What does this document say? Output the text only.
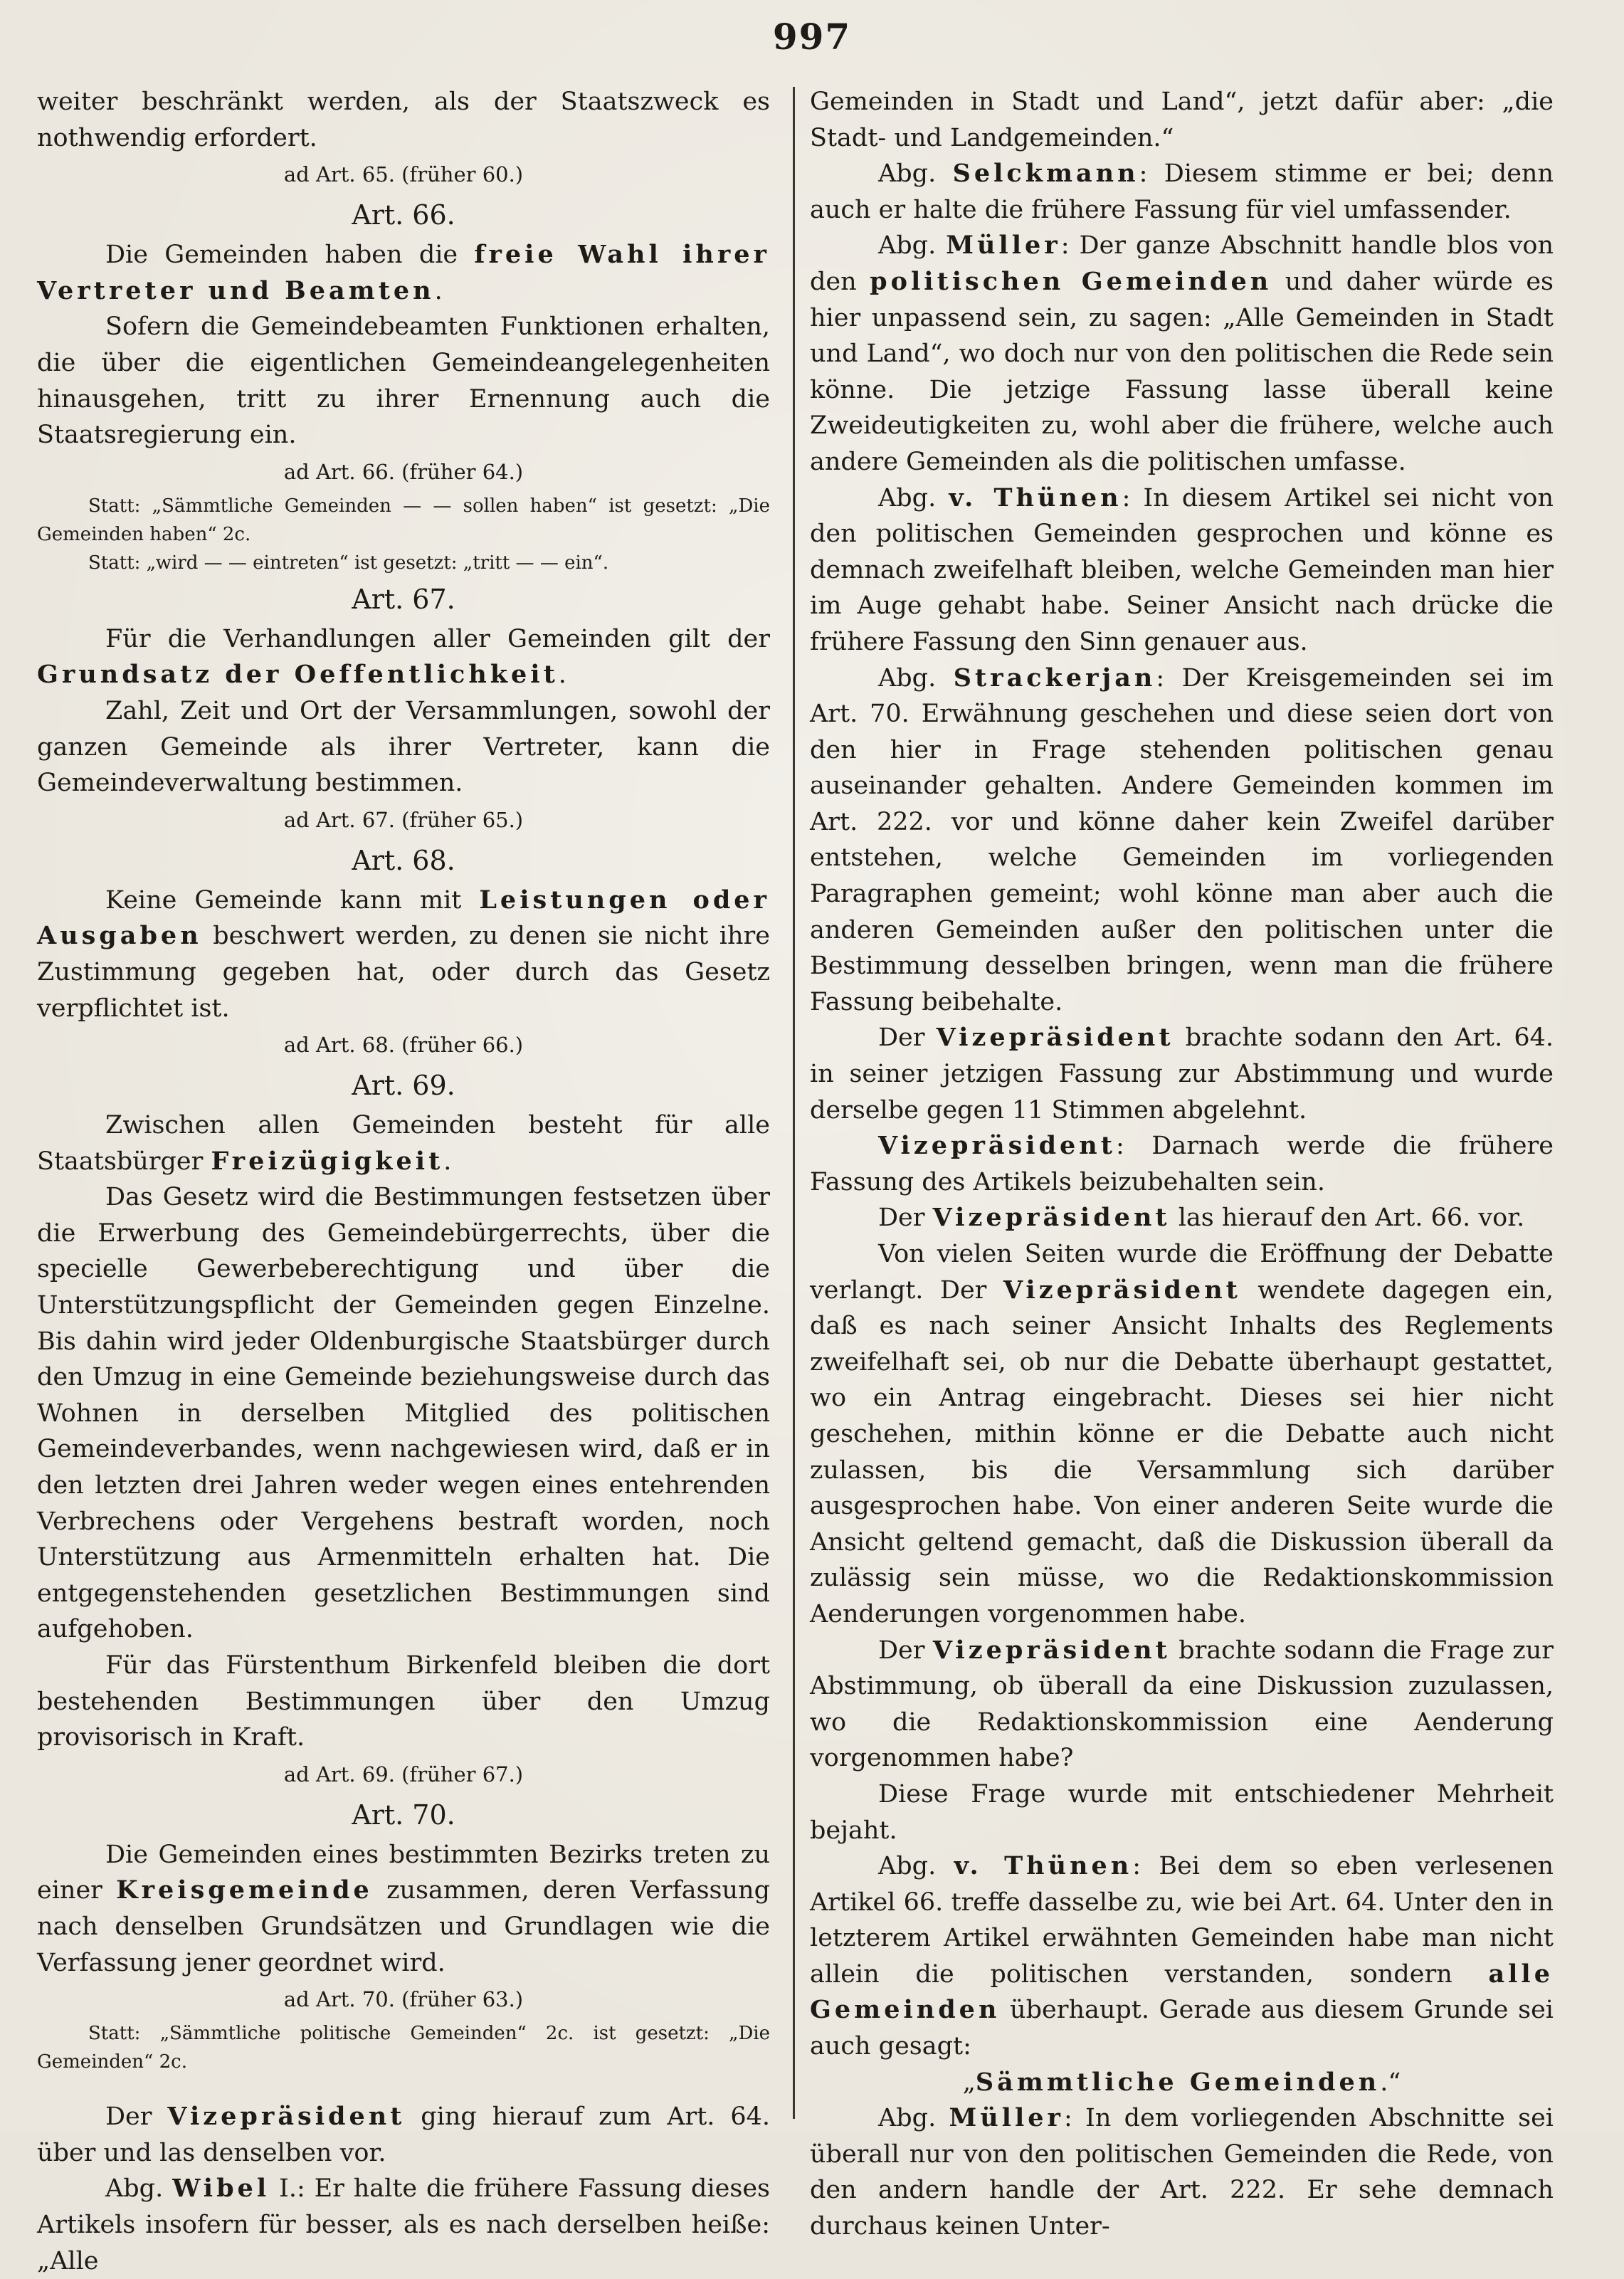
997

weiter beschränkt werden, als der Staatszweck es nothwendig erfordert.

ad Art. 65. (früher 60.)
Art. 66.

Die Gemeinden haben die freie Wahl ihrer Vertreter und Beamten.

Sofern die Gemeindebeamten Funktionen erhalten, die über die eigentlichen Gemeindeangelegenheiten hinausgehen, tritt zu ihrer Ernennung auch die Staatsregierung ein.

ad Art. 66. (früher 64.)

Statt: „Sämmtliche Gemeinden — — sollen haben“ ist gesetzt: „Die Gemeinden haben“ 2c.

Statt: „wird — — eintreten“ ist gesetzt: „tritt — — ein“.

Art. 67.

Für die Verhandlungen aller Gemeinden gilt der Grundsatz der Oeffentlichkeit.

Zahl, Zeit und Ort der Versammlungen, sowohl der ganzen Gemeinde als ihrer Vertreter, kann die Gemeindeverwaltung bestimmen.

ad Art. 67. (früher 65.)
Art. 68.

Keine Gemeinde kann mit Leistungen oder Ausgaben beschwert werden, zu denen sie nicht ihre Zustimmung gegeben hat, oder durch das Gesetz verpflichtet ist.

ad Art. 68. (früher 66.)
Art. 69.

Zwischen allen Gemeinden besteht für alle Staatsbürger Freizügigkeit.

Das Gesetz wird die Bestimmungen festsetzen über die Erwerbung des Gemeindebürgerrechts, über die specielle Gewerbeberechtigung und über die Unterstützungspflicht der Gemeinden gegen Einzelne. Bis dahin wird jeder Oldenburgische Staatsbürger durch den Umzug in eine Gemeinde beziehungsweise durch das Wohnen in derselben Mitglied des politischen Gemeindeverbandes, wenn nachgewiesen wird, daß er in den letzten drei Jahren weder wegen eines entehrenden Verbrechens oder Vergehens bestraft worden, noch Unterstützung aus Armenmitteln erhalten hat. Die entgegenstehenden gesetzlichen Bestimmungen sind aufgehoben.

Für das Fürstenthum Birkenfeld bleiben die dort bestehenden Bestimmungen über den Umzug provisorisch in Kraft.

ad Art. 69. (früher 67.)
Art. 70.

Die Gemeinden eines bestimmten Bezirks treten zu einer Kreisgemeinde zusammen, deren Verfassung nach denselben Grundsätzen und Grundlagen wie die Verfassung jener geordnet wird.

ad Art. 70. (früher 63.)

Statt: „Sämmtliche politische Gemeinden“ 2c. ist gesetzt: „Die Gemeinden“ 2c.

Der Vizepräsident ging hierauf zum Art. 64. über und las denselben vor.

Abg. Wibel I.: Er halte die frühere Fassung dieses Artikels insofern für besser, als es nach derselben heiße: „Alle

Gemeinden in Stadt und Land“, jetzt dafür aber: „die Stadt- und Landgemeinden.“

Abg. Selckmann: Diesem stimme er bei; denn auch er halte die frühere Fassung für viel umfassender.

Abg. Müller: Der ganze Abschnitt handle blos von den politischen Gemeinden und daher würde es hier unpassend sein, zu sagen: „Alle Gemeinden in Stadt und Land“, wo doch nur von den politischen die Rede sein könne. Die jetzige Fassung lasse überall keine Zweideutigkeiten zu, wohl aber die frühere, welche auch andere Gemeinden als die politischen umfasse.

Abg. v. Thünen: In diesem Artikel sei nicht von den politischen Gemeinden gesprochen und könne es demnach zweifelhaft bleiben, welche Gemeinden man hier im Auge gehabt habe. Seiner Ansicht nach drücke die frühere Fassung den Sinn genauer aus.

Abg. Strackerjan: Der Kreisgemeinden sei im Art. 70. Erwähnung geschehen und diese seien dort von den hier in Frage stehenden politischen genau auseinander gehalten. Andere Gemeinden kommen im Art. 222. vor und könne daher kein Zweifel darüber entstehen, welche Gemeinden im vorliegenden Paragraphen gemeint; wohl könne man aber auch die anderen Gemeinden außer den politischen unter die Bestimmung desselben bringen, wenn man die frühere Fassung beibehalte.

Der Vizepräsident brachte sodann den Art. 64. in seiner jetzigen Fassung zur Abstimmung und wurde derselbe gegen 11 Stimmen abgelehnt.

Vizepräsident: Darnach werde die frühere Fassung des Artikels beizubehalten sein.

Der Vizepräsident las hierauf den Art. 66. vor.

Von vielen Seiten wurde die Eröffnung der Debatte verlangt. Der Vizepräsident wendete dagegen ein, daß es nach seiner Ansicht Inhalts des Reglements zweifelhaft sei, ob nur die Debatte überhaupt gestattet, wo ein Antrag eingebracht. Dieses sei hier nicht geschehen, mithin könne er die Debatte auch nicht zulassen, bis die Versammlung sich darüber ausgesprochen habe. Von einer anderen Seite wurde die Ansicht geltend gemacht, daß die Diskussion überall da zulässig sein müsse, wo die Redaktionskommission Aenderungen vorgenommen habe.

Der Vizepräsident brachte sodann die Frage zur Abstimmung, ob überall da eine Diskussion zuzulassen, wo die Redaktionskommission eine Aenderung vorgenommen habe?

Diese Frage wurde mit entschiedener Mehrheit bejaht.

Abg. v. Thünen: Bei dem so eben verlesenen Artikel 66. treffe dasselbe zu, wie bei Art. 64. Unter den in letzterem Artikel erwähnten Gemeinden habe man nicht allein die politischen verstanden, sondern alle Gemeinden überhaupt. Gerade aus diesem Grunde sei auch gesagt:

„Sämmtliche Gemeinden.“

Abg. Müller: In dem vorliegenden Abschnitte sei überall nur von den politischen Gemeinden die Rede, von den andern handle der Art. 222. Er sehe demnach durchaus keinen Unter-
